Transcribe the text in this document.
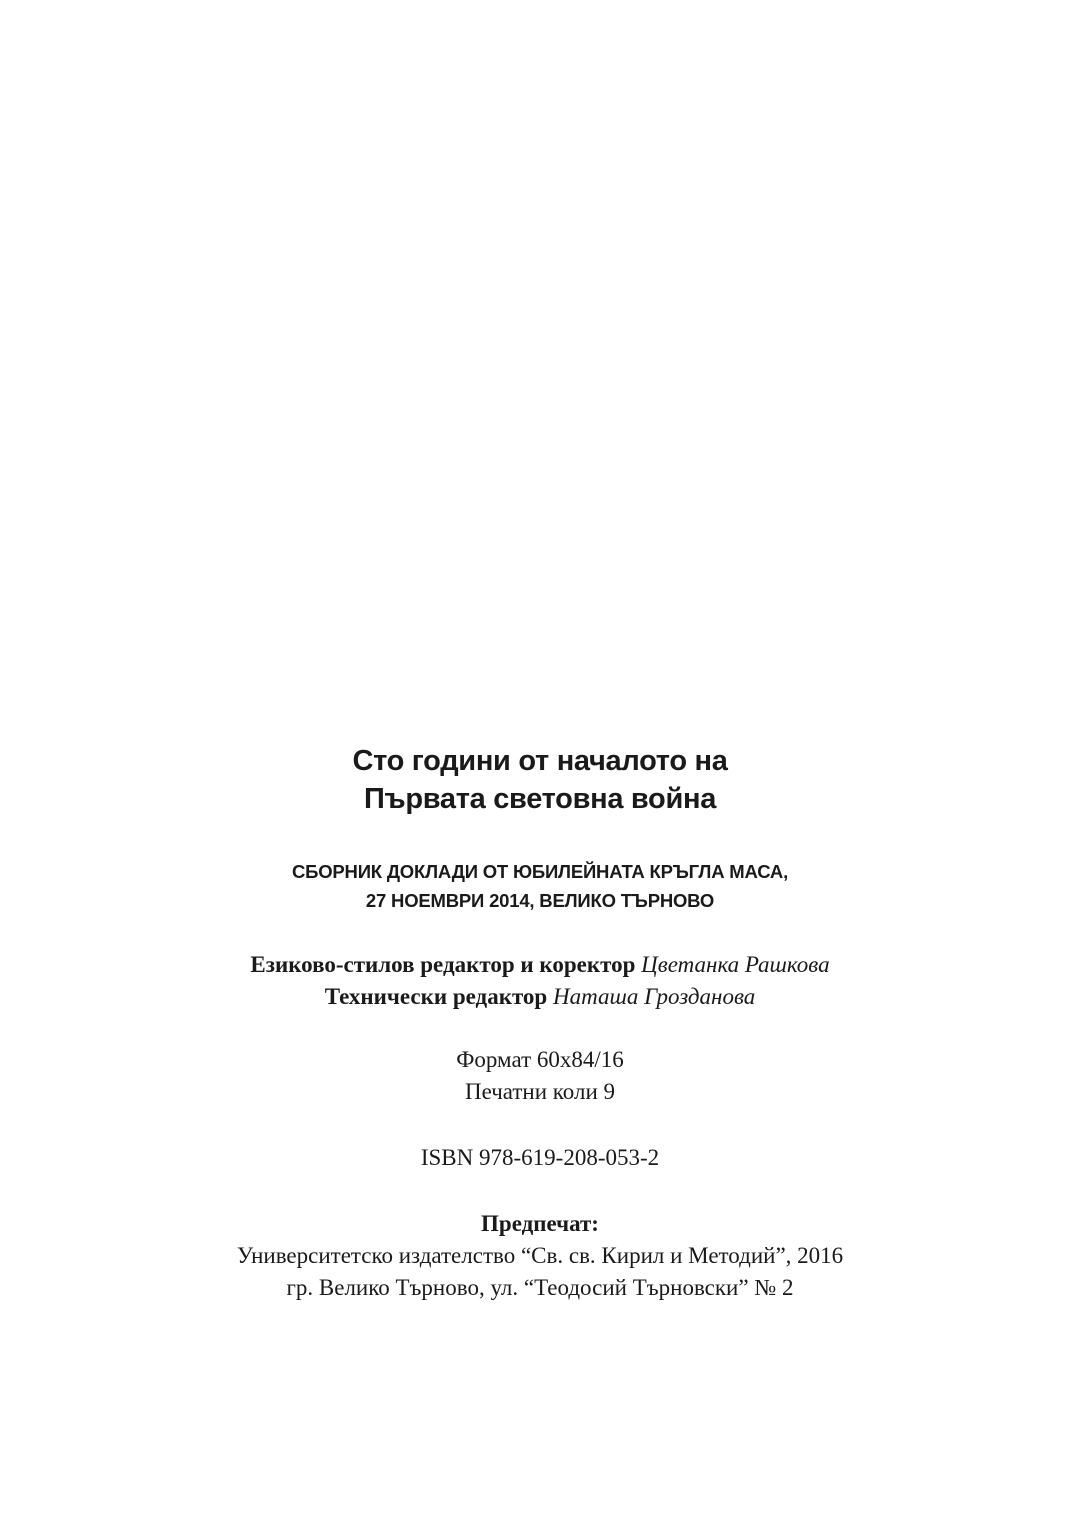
Сто години от началото на
Първата световна война
СБОРНИК ДОКЛАДИ ОТ ЮБИЛЕЙНАТА КРЪГЛА МАСА,
27 НОЕМВРИ 2014, ВЕЛИКО ТЪРНОВО
Езиково-стилов редактор и коректор Цветанка Рашкова
Технически редактор Наташа Грозданова
Формат 60х84/16
Печатни коли 9
ISBN 978-619-208-053-2
Предпечат:
Университетско издателство “Св. св. Кирил и Методий”, 2016
гр. Велико Търново, ул. “Теодосий Търновски” № 2
